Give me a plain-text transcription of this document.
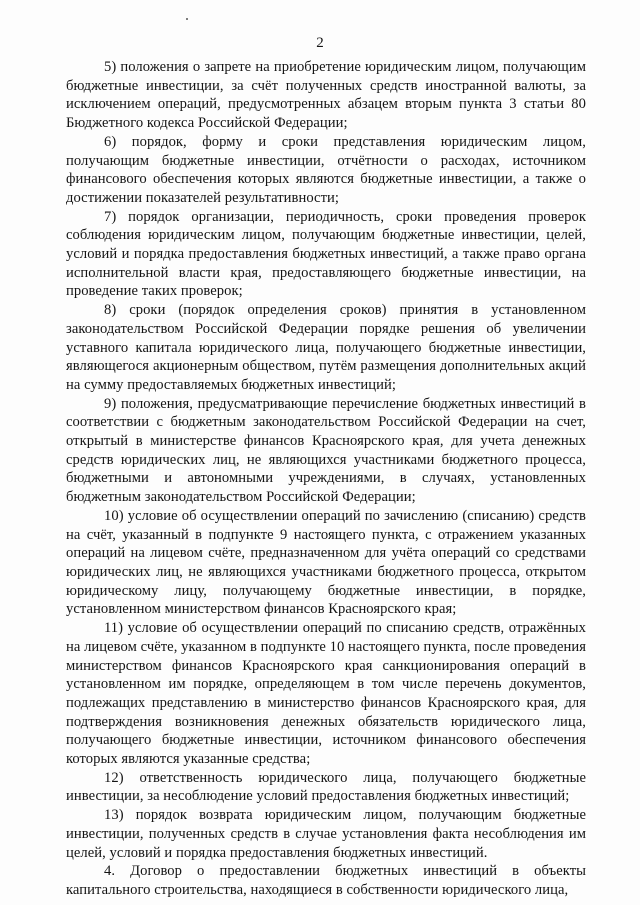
2

5) положения о запрете на приобретение юридическим лицом, получающим бюджетные инвестиции, за счёт полученных средств иностранной валюты, за исключением операций, предусмотренных абзацем вторым пункта 3 статьи 80 Бюджетного кодекса Российской Федерации;

6) порядок, форму и сроки представления юридическим лицом, получающим бюджетные инвестиции, отчётности о расходах, источником финансового обеспечения которых являются бюджетные инвестиции, а также о достижении показателей результативности;

7) порядок организации, периодичность, сроки проведения проверок соблюдения юридическим лицом, получающим бюджетные инвестиции, целей, условий и порядка предоставления бюджетных инвестиций, а также право органа исполнительной власти края, предоставляющего бюджетные инвестиции, на проведение таких проверок;

8) сроки (порядок определения сроков) принятия в установленном законодательством Российской Федерации порядке решения об увеличении уставного капитала юридического лица, получающего бюджетные инвестиции, являющегося акционерным обществом, путём размещения дополнительных акций на сумму предоставляемых бюджетных инвестиций;

9) положения, предусматривающие перечисление бюджетных инвестиций в соответствии с бюджетным законодательством Российской Федерации на счет, открытый в министерстве финансов Красноярского края, для учета денежных средств юридических лиц, не являющихся участниками бюджетного процесса, бюджетными и автономными учреждениями, в случаях, установленных бюджетным законодательством Российской Федерации;

10) условие об осуществлении операций по зачислению (списанию) средств на счёт, указанный в подпункте 9 настоящего пункта, с отражением указанных операций на лицевом счёте, предназначенном для учёта операций со средствами юридических лиц, не являющихся участниками бюджетного процесса, открытом юридическому лицу, получающему бюджетные инвестиции, в порядке, установленном министерством финансов Красноярского края;

11) условие об осуществлении операций по списанию средств, отражённых на лицевом счёте, указанном в подпункте 10 настоящего пункта, после проведения министерством финансов Красноярского края санкционирования операций в установленном им порядке, определяющем в том числе перечень документов, подлежащих представлению в министерство финансов Красноярского края, для подтверждения возникновения денежных обязательств юридического лица, получающего бюджетные инвестиции, источником финансового обеспечения которых являются указанные средства;

12) ответственность юридического лица, получающего бюджетные инвестиции, за несоблюдение условий предоставления бюджетных инвестиций;

13) порядок возврата юридическим лицом, получающим бюджетные инвестиции, полученных средств в случае установления факта несоблюдения им целей, условий и порядка предоставления бюджетных инвестиций.

4. Договор о предоставлении бюджетных инвестиций в объекты капитального строительства, находящиеся в собственности юридического лица,
